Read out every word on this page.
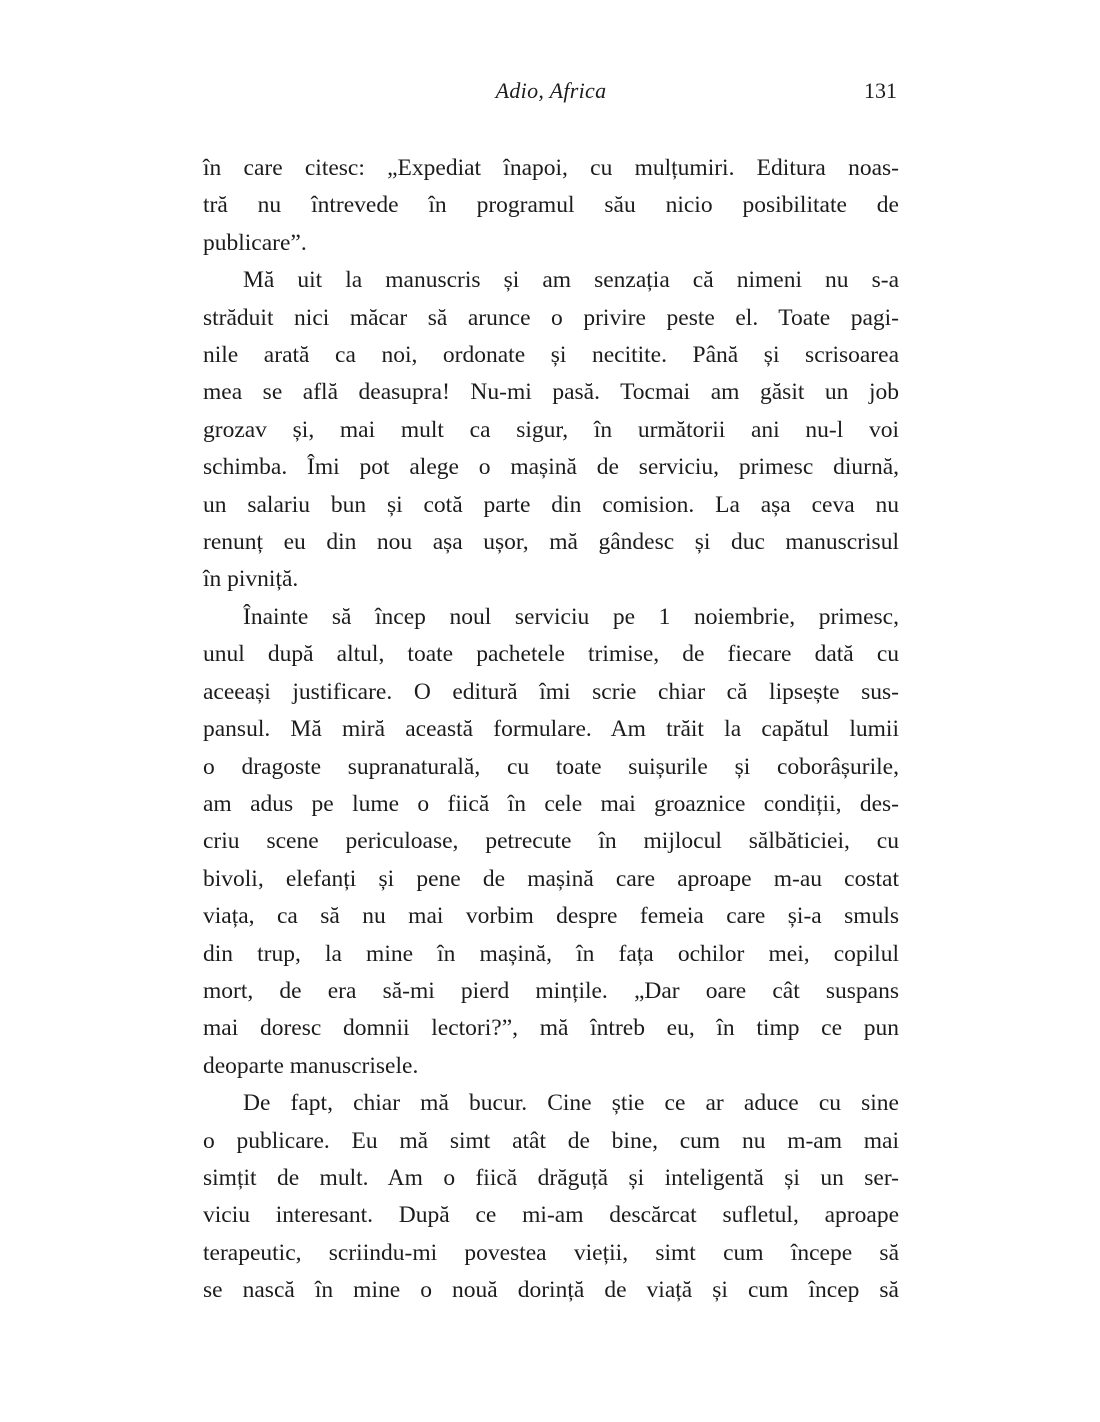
Adio, Africa	131
în care citesc: „Expediat înapoi, cu mulțumiri. Editura noas-
tră nu întrevede în programul său nicio posibilitate de
publicare”.
Mă uit la manuscris și am senzația că nimeni nu s-a
străduit nici măcar să arunce o privire peste el. Toate pagi-
nile arată ca noi, ordonate și necitite. Până și scrisoarea
mea se află deasupra! Nu-mi pasă. Tocmai am găsit un job
grozav și, mai mult ca sigur, în următorii ani nu-l voi
schimba. Îmi pot alege o mașină de serviciu, primesc diurnă,
un salariu bun și cotă parte din comision. La așa ceva nu
renunț eu din nou așa ușor, mă gândesc și duc manuscrisul
în pivniță.
Înainte să încep noul serviciu pe 1 noiembrie, primesc,
unul după altul, toate pachetele trimise, de fiecare dată cu
aceeași justificare. O editură îmi scrie chiar că lipsește sus-
pansul. Mă miră această formulare. Am trăit la capătul lumii
o dragoste supranaturală, cu toate suișurile și coborâșurile,
am adus pe lume o fiică în cele mai groaznice condiții, des-
criu scene periculoase, petrecute în mijlocul sălbăticiei, cu
bivoli, elefanți și pene de mașină care aproape m-au costat
viața, ca să nu mai vorbim despre femeia care și-a smuls
din trup, la mine în mașină, în fața ochilor mei, copilul
mort, de era să-mi pierd mințile. „Dar oare cât suspans
mai doresc domnii lectori?”, mă întreb eu, în timp ce pun
deoparte manuscrisele.
De fapt, chiar mă bucur. Cine știe ce ar aduce cu sine
o publicare. Eu mă simt atât de bine, cum nu m-am mai
simțit de mult. Am o fiică drăguță și inteligentă și un ser-
viciu interesant. După ce mi-am descărcat sufletul, aproape
terapeutic, scriindu-mi povestea vieții, simt cum începe să
se nască în mine o nouă dorință de viață și cum încep să
